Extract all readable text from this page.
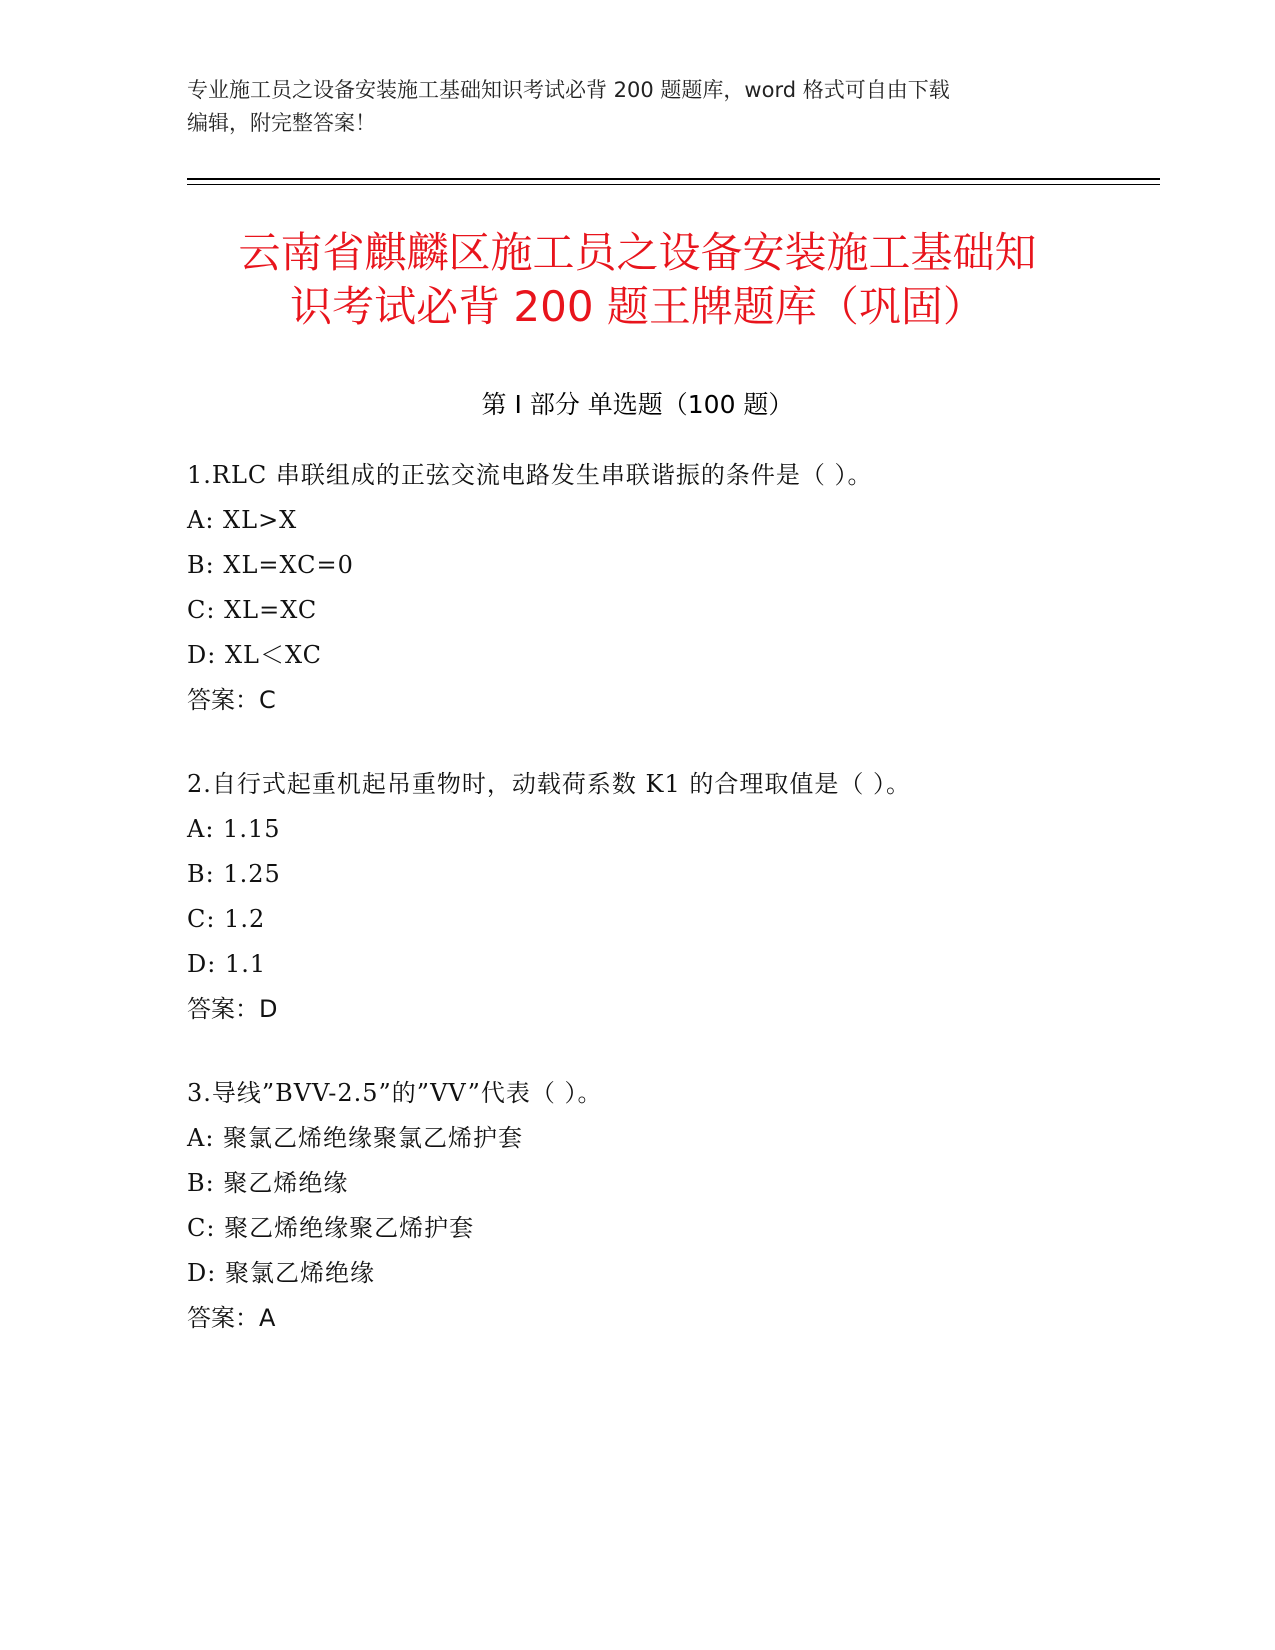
专业施工员之设备安装施工基础知识考试必背 200 题题库，word 格式可自由下载
编辑，附完整答案！
云南省麒麟区施工员之设备安装施工基础知
识考试必背 200 题王牌题库（巩固）
第 I 部分 单选题（100 题）
1.RLC 串联组成的正弦交流电路发生串联谐振的条件是（ ）。
A: XL>X
B: XL=XC=0
C: XL=XC
D: XL＜XC
答案：C
2.自行式起重机起吊重物时，动载荷系数 K1 的合理取值是（ ）。
A: 1.15
B: 1.25
C: 1.2
D: 1.1
答案：D
3.导线”BVV-2.5”的”VV”代表（ ）。
A: 聚氯乙烯绝缘聚氯乙烯护套
B: 聚乙烯绝缘
C: 聚乙烯绝缘聚乙烯护套
D: 聚氯乙烯绝缘
答案：A
